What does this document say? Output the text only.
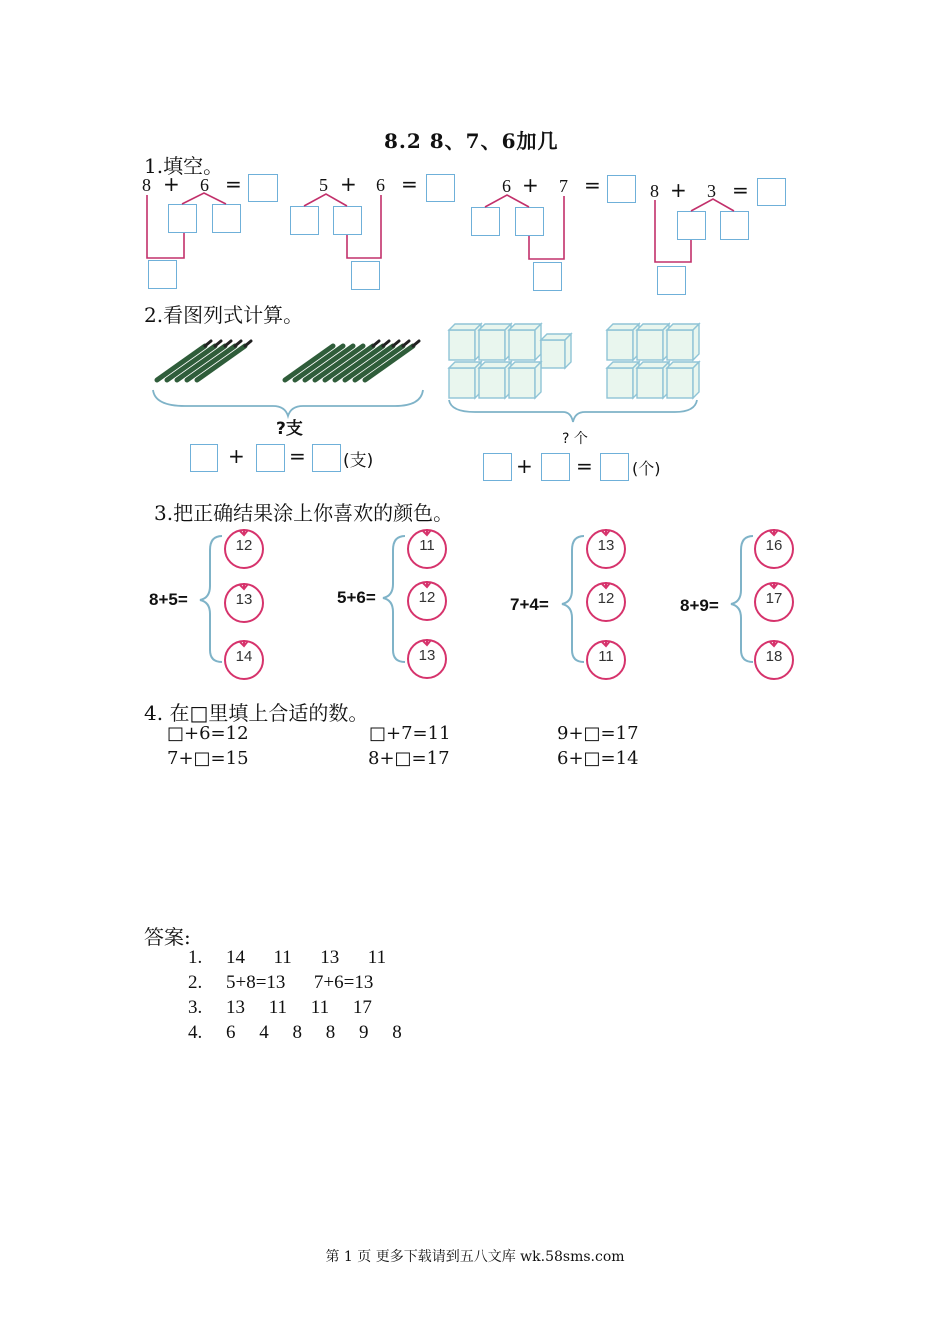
8.2 8、7、6加几
1.填空。
8 + 6 =	5 + 6 =	6 + 7 =	8 + 3 =
2.看图列式计算。
?支
+ = (支)
? 个
+ = (个)
3.把正确结果涂上你喜欢的颜色。
8+5=	5+6=	7+4=	8+9=
12
13
14
11
12
13
13
12
11
16
17
18
4. 在□里填上合适的数。
□+6=12	□+7=11	9+□=17
7+□=15	8+□=17	6+□=14
答案:
1.     14      11      13      11
2.     5+8=13      7+6=13
3.     13     11     11     17
4.     6     4     8     8     9     8
第 1 页 更多下载请到五八文库 wk.58sms.com
